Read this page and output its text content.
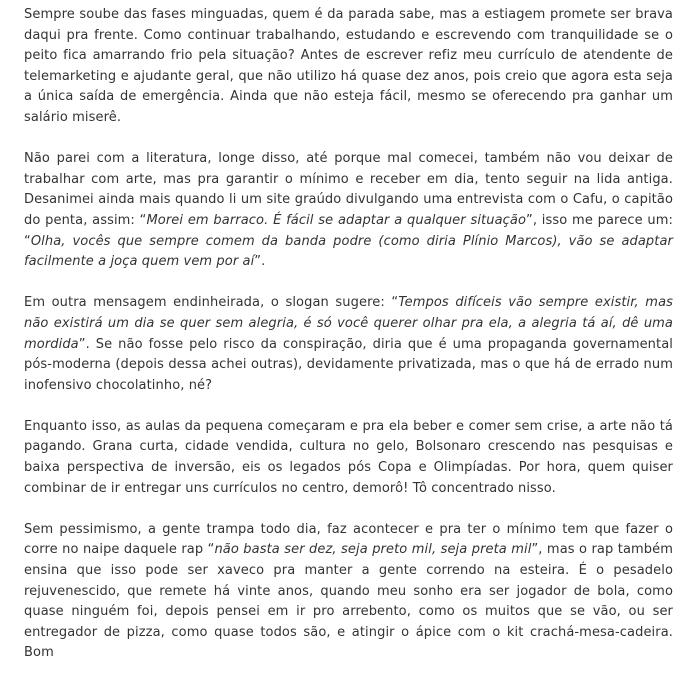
Sempre soube das fases minguadas, quem é da parada sabe, mas a estiagem promete ser brava daqui pra frente. Como continuar trabalhando, estudando e escrevendo com tranquilidade se o peito fica amarrando frio pela situação? Antes de escrever refiz meu currículo de atendente de telemarketing e ajudante geral, que não utilizo há quase dez anos, pois creio que agora esta seja a única saída de emergência. Ainda que não esteja fácil, mesmo se oferecendo pra ganhar um salário miserê.

Não parei com a literatura, longe disso, até porque mal comecei, também não vou deixar de trabalhar com arte, mas pra garantir o mínimo e receber em dia, tento seguir na lida antiga. Desanimei ainda mais quando li um site graúdo divulgando uma entrevista com o Cafu, o capitão do penta, assim: “Morei em barraco. É fácil se adaptar a qualquer situação”, isso me parece um: “Olha, vocês que sempre comem da banda podre (como diria Plínio Marcos), vão se adaptar facilmente a joça quem vem por aí”.

Em outra mensagem endinheirada, o slogan sugere: “Tempos difíceis vão sempre existir, mas não existirá um dia se quer sem alegria, é só você querer olhar pra ela, a alegria tá aí, dê uma mordida”. Se não fosse pelo risco da conspiração, diria que é uma propaganda governamental pós-moderna (depois dessa achei outras), devidamente privatizada, mas o que há de errado num inofensivo chocolatinho, né?

Enquanto isso, as aulas da pequena começaram e pra ela beber e comer sem crise, a arte não tá pagando. Grana curta, cidade vendida, cultura no gelo, Bolsonaro crescendo nas pesquisas e baixa perspectiva de inversão, eis os legados pós Copa e Olimpíadas. Por hora, quem quiser combinar de ir entregar uns currículos no centro, demorô! Tô concentrado nisso.

Sem pessimismo, a gente trampa todo dia, faz acontecer e pra ter o mínimo tem que fazer o corre no naipe daquele rap “não basta ser dez, seja preto mil, seja preta mil”, mas o rap também ensina que isso pode ser xaveco pra manter a gente correndo na esteira. É o pesadelo rejuvenescido, que remete há vinte anos, quando meu sonho era ser jogador de bola, como quase ninguém foi, depois pensei em ir pro arrebento, como os muitos que se vão, ou ser entregador de pizza, como quase todos são, e atingir o ápice com o kit crachá-mesa-cadeira. Bom
